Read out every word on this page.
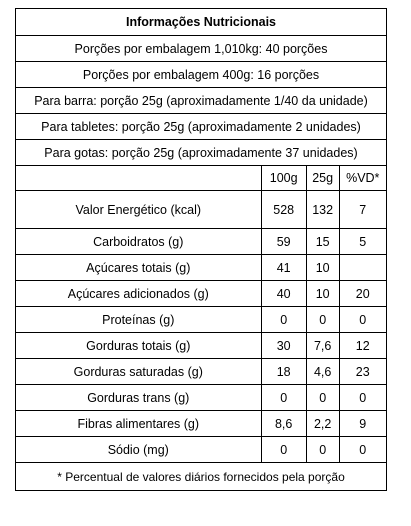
Informações Nutricionais			
Porções por embalagem 1,010kg: 40 porções			
Porções por embalagem 400g: 16 porções			
Para barra: porção 25g (aproximadamente 1/40 da unidade)			
Para tabletes: porção 25g (aproximadamente 2 unidades)			
Para gotas: porção 25g (aproximadamente 37 unidades)			
	100g	25g	%VD*
Valor Energético (kcal)	528	132	7
Carboidratos (g)	59	15	5
Açúcares totais (g)	41	10	
Açúcares adicionados (g)	40	10	20
Proteínas (g)	0	0	0
Gorduras totais (g)	30	7,6	12
Gorduras saturadas (g)	18	4,6	23
Gorduras trans (g)	0	0	0
Fibras alimentares (g)	8,6	2,2	9
Sódio (mg)	0	0	0
* Percentual de valores diários fornecidos pela porção			
